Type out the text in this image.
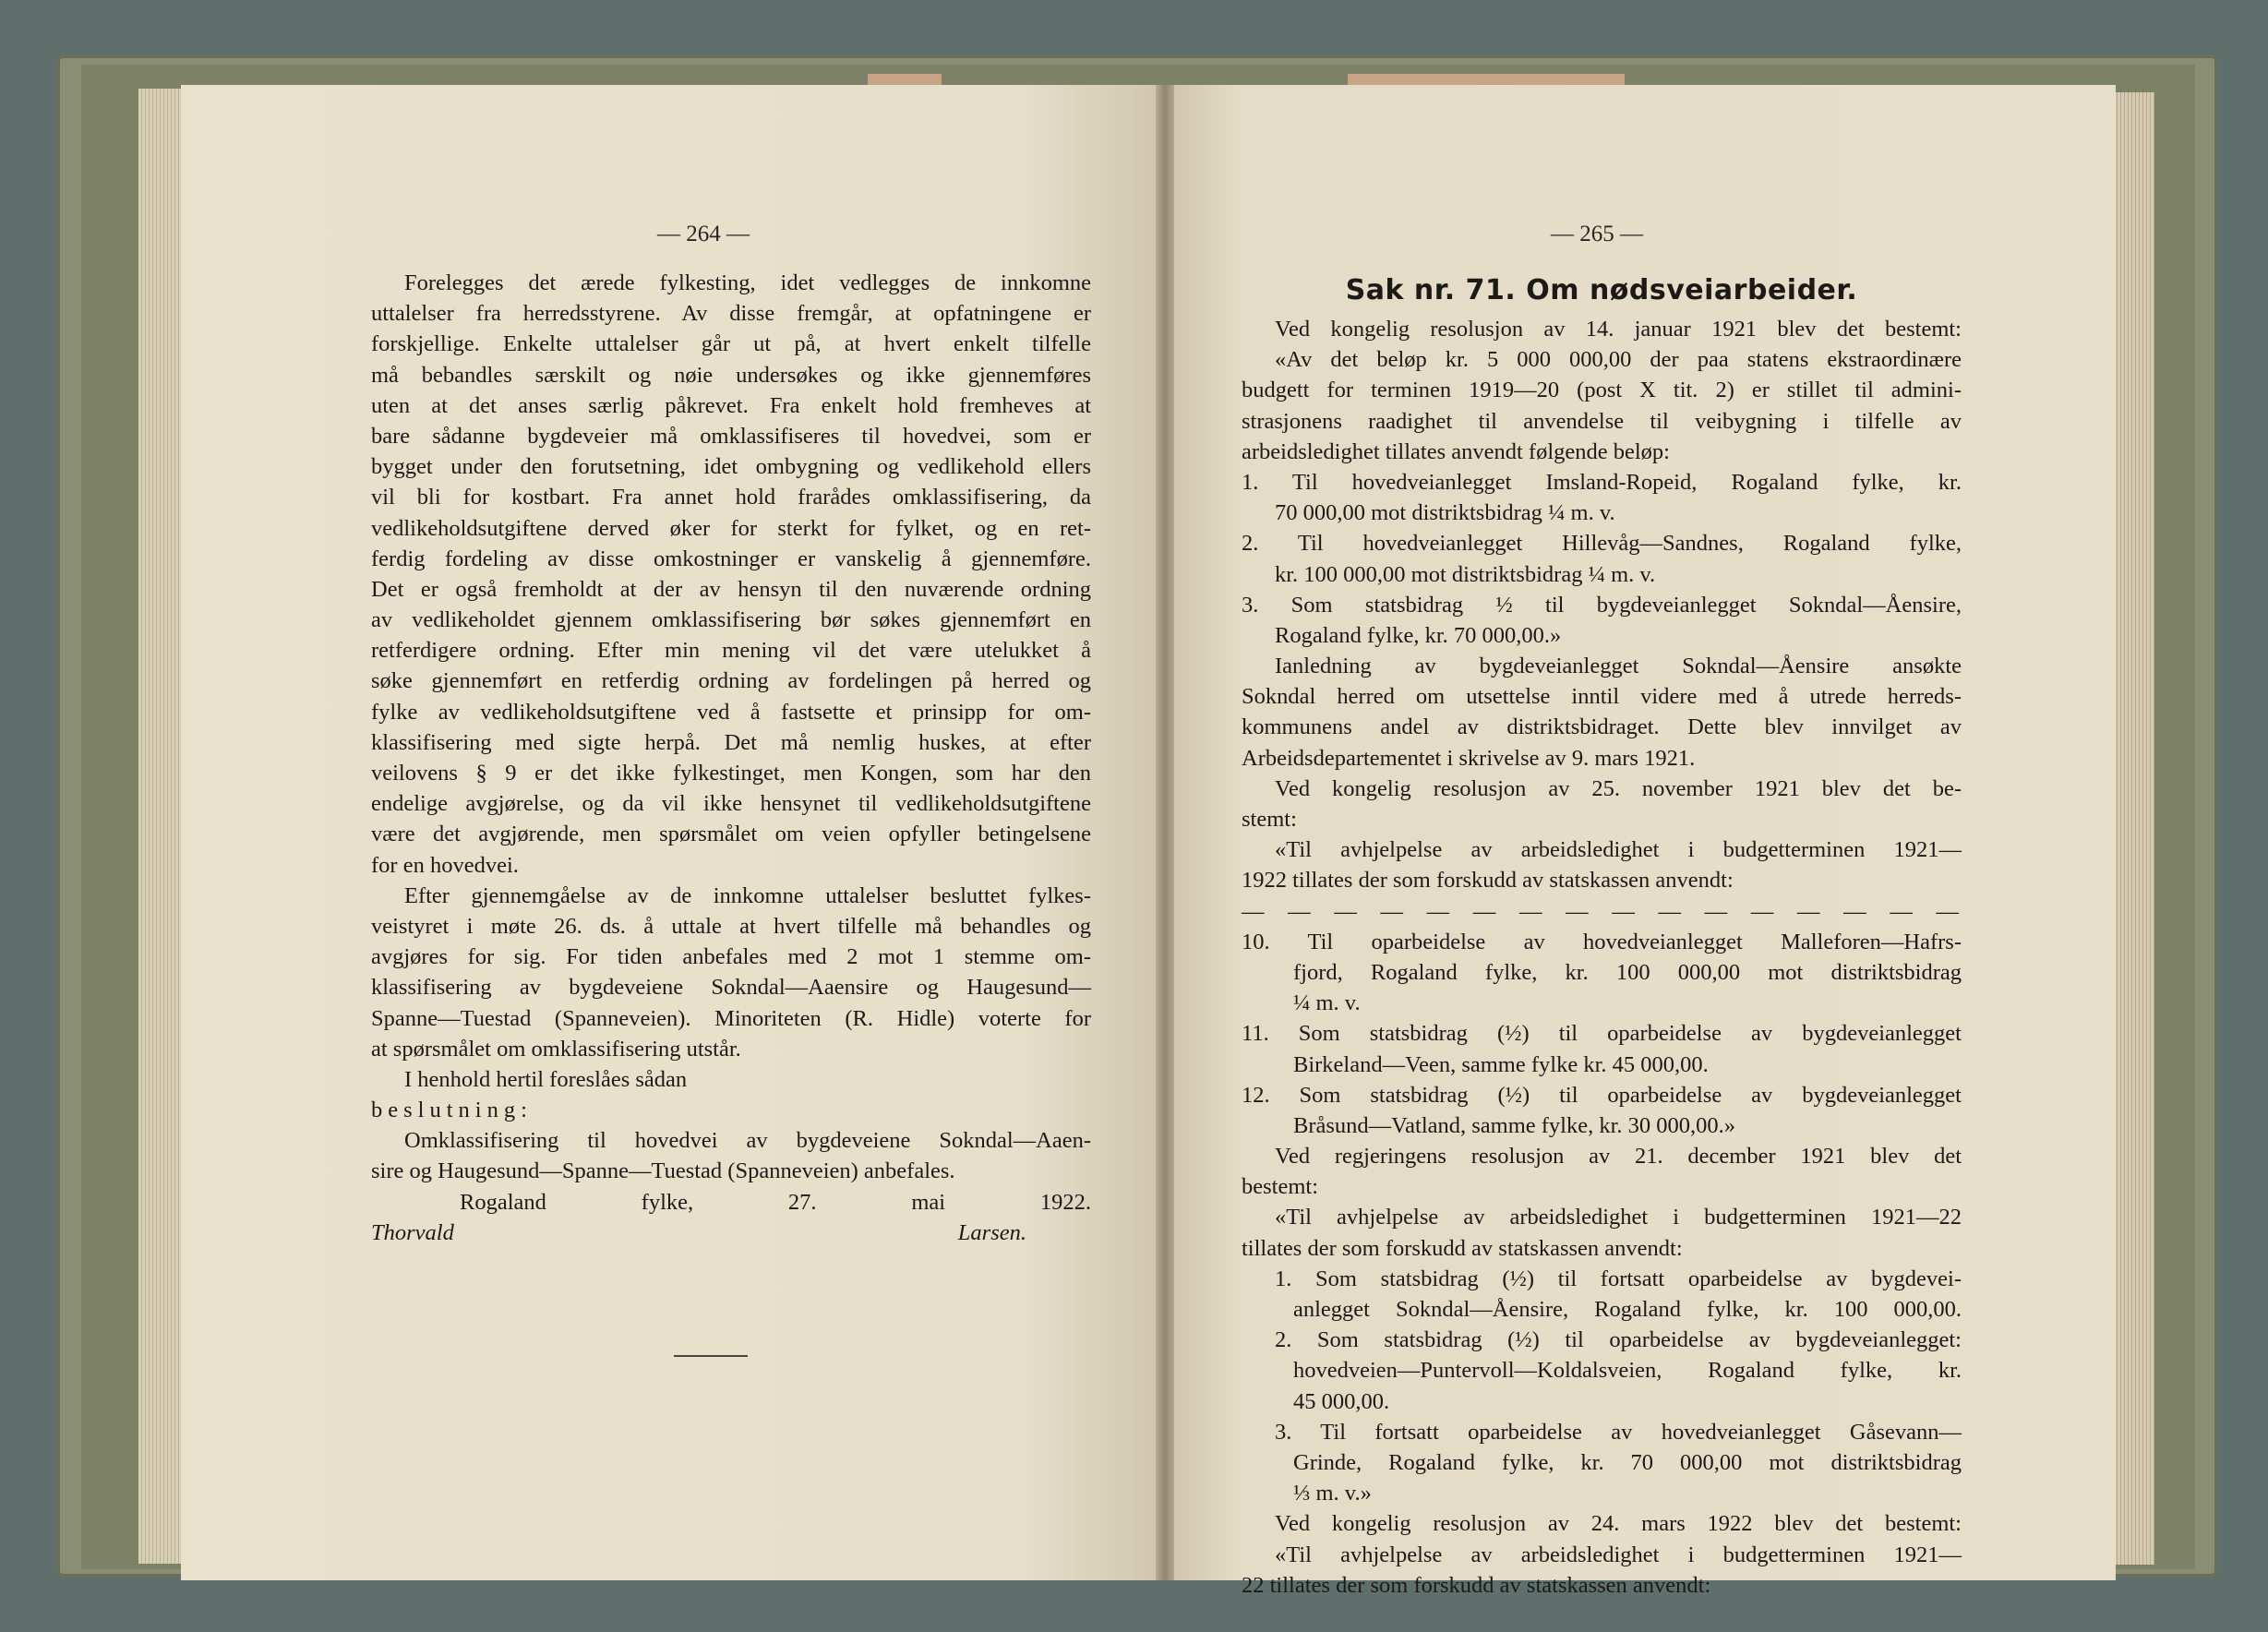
— 264 —	— 265 —
Forelegges det ærede fylkesting, idet vedlegges de innkomne
uttalelser fra herredsstyrene. Av disse fremgår, at opfatningene er
forskjellige. Enkelte uttalelser går ut på, at hvert enkelt tilfelle
må bebandles særskilt og nøie undersøkes og ikke gjennemføres
uten at det anses særlig påkrevet. Fra enkelt hold fremheves at
bare sådanne bygdeveier må omklassifiseres til hovedvei, som er
bygget under den forutsetning, idet ombygning og vedlikehold ellers
vil bli for kostbart. Fra annet hold frarådes omklassifisering, da
vedlikeholdsutgiftene derved øker for sterkt for fylket, og en ret-
ferdig fordeling av disse omkostninger er vanskelig å gjennemføre.
Det er også fremholdt at der av hensyn til den nuværende ordning
av vedlikeholdet gjennem omklassifisering bør søkes gjennemført en
retferdigere ordning. Efter min mening vil det være utelukket å
søke gjennemført en retferdig ordning av fordelingen på herred og
fylke av vedlikeholdsutgiftene ved å fastsette et prinsipp for om-
klassifisering med sigte herpå. Det må nemlig huskes, at efter
veilovens § 9 er det ikke fylkestinget, men Kongen, som har den
endelige avgjørelse, og da vil ikke hensynet til vedlikeholdsutgiftene
være det avgjørende, men spørsmålet om veien opfyller betingelsene
for en hovedvei.
Efter gjennemgåelse av de innkomne uttalelser besluttet fylkes-
veistyret i møte 26. ds. å uttale at hvert tilfelle må behandles og
avgjøres for sig. For tiden anbefales med 2 mot 1 stemme om-
klassifisering av bygdeveiene Sokndal—Aaensire og Haugesund—
Spanne—Tuestad (Spanneveien). Minoriteten (R. Hidle) voterte for
at spørsmålet om omklassifisering utstår.
I henhold hertil foreslåes sådan
beslutning:
Omklassifisering til hovedvei av bygdeveiene Sokndal—Aaen-
sire og Haugesund—Spanne—Tuestad (Spanneveien) anbefales.
Rogaland fylke, 27. mai 1922.
Thorvald Larsen.
Sak nr. 71. Om nødsveiarbeider.
Ved kongelig resolusjon av 14. januar 1921 blev det bestemt:
«Av det beløp kr. 5 000 000,00 der paa statens ekstraordinære
budgett for terminen 1919—20 (post X tit. 2) er stillet til admini-
strasjonens raadighet til anvendelse til veibygning i tilfelle av
arbeidsledighet tillates anvendt følgende beløp:
1. Til hovedveianlegget Imsland-Ropeid, Rogaland fylke, kr.
70 000,00 mot distriktsbidrag ¼ m. v.
2. Til hovedveianlegget Hillevåg—Sandnes, Rogaland fylke,
kr. 100 000,00 mot distriktsbidrag ¼ m. v.
3. Som statsbidrag ½ til bygdeveianlegget Sokndal—Åensire,
Rogaland fylke, kr. 70 000,00.»
Ianledning av bygdeveianlegget Sokndal—Åensire ansøkte
Sokndal herred om utsettelse inntil videre med å utrede herreds-
kommunens andel av distriktsbidraget. Dette blev innvilget av
Arbeidsdepartementet i skrivelse av 9. mars 1921.
Ved kongelig resolusjon av 25. november 1921 blev det be-
stemt:
«Til avhjelpelse av arbeidsledighet i budgetterminen 1921—
1922 tillates der som forskudd av statskassen anvendt:
— — — — — — — — — — — — — — — —
10. Til oparbeidelse av hovedveianlegget Malleforen—Hafrs-
fjord, Rogaland fylke, kr. 100 000,00 mot distriktsbidrag
¼ m. v.
11. Som statsbidrag (½) til oparbeidelse av bygdeveianlegget
Birkeland—Veen, samme fylke kr. 45 000,00.
12. Som statsbidrag (½) til oparbeidelse av bygdeveianlegget
Bråsund—Vatland, samme fylke, kr. 30 000,00.»
Ved regjeringens resolusjon av 21. december 1921 blev det
bestemt:
«Til avhjelpelse av arbeidsledighet i budgetterminen 1921—22
tillates der som forskudd av statskassen anvendt:
1. Som statsbidrag (½) til fortsatt oparbeidelse av bygdevei-
anlegget Sokndal—Åensire, Rogaland fylke, kr. 100 000,00.
2. Som statsbidrag (½) til oparbeidelse av bygdeveianlegget:
hovedveien—Puntervoll—Koldalsveien, Rogaland fylke, kr.
45 000,00.
3. Til fortsatt oparbeidelse av hovedveianlegget Gåsevann—
Grinde, Rogaland fylke, kr. 70 000,00 mot distriktsbidrag
⅓ m. v.»
Ved kongelig resolusjon av 24. mars 1922 blev det bestemt:
«Til avhjelpelse av arbeidsledighet i budgetterminen 1921—
22 tillates der som forskudd av statskassen anvendt:
